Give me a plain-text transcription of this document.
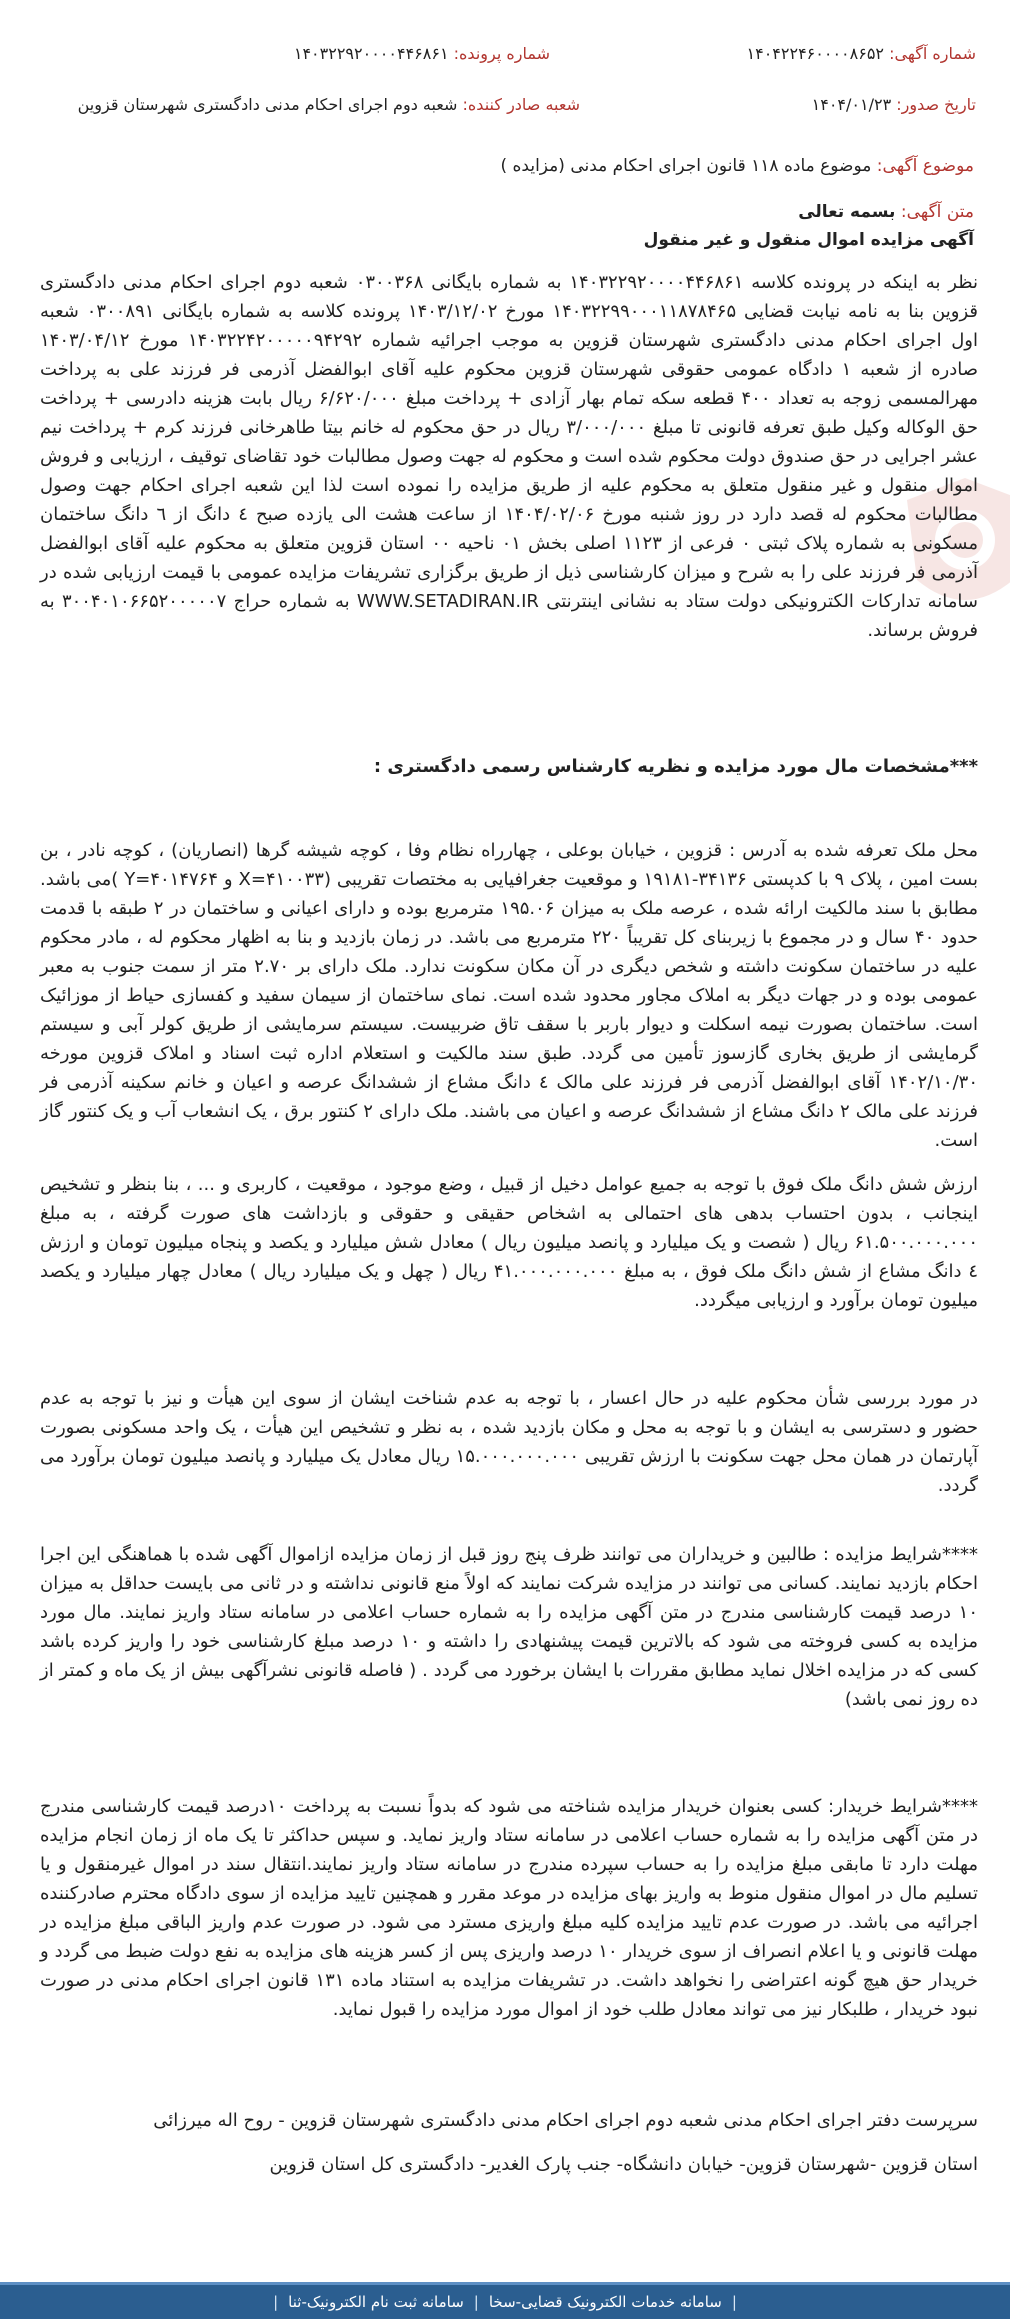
شماره آگهی: ۱۴۰۴۲۲۴۶۰۰۰۰۸۶۵۲
شماره پرونده: ۱۴۰۳۲۲۹۲۰۰۰۰۴۴۶۸۶۱
تاریخ صدور: ۱۴۰۴/۰۱/۲۳
شعبه صادر کننده: شعبه دوم اجرای احکام مدنی دادگستری شهرستان قزوین
موضوع آگهی: موضوع ماده ۱۱۸ قانون اجرای احکام مدنی (مزایده )
متن آگهی: بسمه تعالی
آگهی مزایده اموال منقول و غیر منقول

نظر به اینکه در پرونده کلاسه ۱۴۰۳۲۲۹۲۰۰۰۰۴۴۶۸۶۱ به شماره بایگانی ۰۳۰۰۳۶۸ شعبه دوم اجرای احکام مدنی دادگستری قزوین بنا به نامه نیابت قضایی ۱۴۰۳۲۲۹۹۰۰۰۱۱۸۷۸۴۶۵ مورخ ۱۴۰۳/۱۲/۰۲ پرونده کلاسه به شماره بایگانی ۰۳۰۰۸۹۱ شعبه اول اجرای احکام مدنی دادگستری شهرستان قزوین به موجب اجرائیه شماره ۱۴۰۳۲۲۴۲۰۰۰۰۰۹۴۲۹۲ مورخ ۱۴۰۳/۰۴/۱۲ صادره از شعبه ۱ دادگاه عمومی حقوقی شهرستان قزوین محکوم علیه آقای ابوالفضل آذرمی فر فرزند علی به پرداخت مهرالمسمی زوجه به تعداد ۴۰۰ قطعه سکه تمام بهار آزادی + پرداخت مبلغ ۶/۶۲۰/۰۰۰ ریال بابت هزینه دادرسی + پرداخت حق الوکاله وکیل طبق تعرفه قانونی تا مبلغ ۳/۰۰۰/۰۰۰ ریال در حق محکوم له خانم بیتا طاهرخانی فرزند کرم + پرداخت نیم عشر اجرایی در حق صندوق دولت محکوم شده است و محکوم له جهت وصول مطالبات خود تقاضای توقیف ، ارزیابی و فروش اموال منقول و غیر منقول متعلق به محکوم علیه از طریق مزایده را نموده است لذا این شعبه اجرای احکام جهت وصول مطالبات محکوم له قصد دارد در روز شنبه مورخ ۱۴۰۴/۰۲/۰۶ از ساعت هشت الی یازده صبح ٤ دانگ از ٦ دانگ ساختمان مسکونی به شماره پلاک ثبتی ۰ فرعی از ۱۱۲۳ اصلی بخش ۰۱ ناحیه ۰۰ استان قزوین متعلق به محکوم علیه آقای ابوالفضل آذرمی فر فرزند علی را به شرح و میزان کارشناسی ذیل از طریق برگزاری تشریفات مزایده عمومی با قیمت ارزیابی شده در سامانه تدارکات الکترونیکی دولت ستاد به نشانی اینترنتی WWW.SETADIRAN.IR به شماره حراج ۳۰۰۴۰۱۰۶۶۵۲۰۰۰۰۰۷ به فروش برساند.

***مشخصات مال مورد مزایده و نظریه کارشناس رسمی دادگستری :

محل ملک تعرفه شده به آدرس : قزوین ، خیابان بوعلی ، چهارراه نظام وفا ، کوچه شیشه گرها (انصاریان) ، کوچه نادر ، بن بست امین ، پلاک ۹ با کدپستی ۳۴۱۳۶-۱۹۱۸۱ و موقعیت جغرافیایی به مختصات تقریبی (X=۴۱۰۰۳۳ و Y=۴۰۱۴۷۶۴ )می باشد. مطابق با سند مالکیت ارائه شده ، عرصه ملک به میزان ۱۹۵.۰۶ مترمربع بوده و دارای اعیانی و ساختمان در ۲ طبقه با قدمت حدود ۴۰ سال و در مجموع با زیربنای کل تقریباً ۲۲۰ مترمربع می باشد. در زمان بازدید و بنا به اظهار محکوم له ، مادر محکوم علیه در ساختمان سکونت داشته و شخص دیگری در آن مکان سکونت ندارد. ملک دارای بر ۲.۷۰ متر از سمت جنوب به معبر عمومی بوده و در جهات دیگر به املاک مجاور محدود شده است. نمای ساختمان از سیمان سفید و کفسازی حیاط از موزائیک است. ساختمان بصورت نیمه اسکلت و دیوار باربر با سقف تاق ضربیست. سیستم سرمایشی از طریق کولر آبی و سیستم گرمایشی از طریق بخاری گازسوز تأمین می گردد. طبق سند مالکیت و استعلام اداره ثبت اسناد و املاک قزوین مورخه ۱۴۰۲/۱۰/۳۰ آقای ابوالفضل آذرمی فر فرزند علی مالک ٤ دانگ مشاع از ششدانگ عرصه و اعیان و خانم سکینه آذرمی فر فرزند علی مالک ۲ دانگ مشاع از ششدانگ عرصه و اعیان می باشند. ملک دارای ۲ کنتور برق ، یک انشعاب آب و یک کنتور گاز است.

ارزش شش دانگ ملک فوق با توجه به جمیع عوامل دخیل از قبیل ، وضع موجود ، موقعیت ، کاربری و ... ، بنا بنظر و تشخیص اینجانب ، بدون احتساب بدهی های احتمالی به اشخاص حقیقی و حقوقی و بازداشت های صورت گرفته ، به مبلغ ۶۱.۵۰۰.۰۰۰.۰۰۰ ریال ( شصت و یک میلیارد و پانصد میلیون ریال ) معادل شش میلیارد و یکصد و پنجاه میلیون تومان و ارزش ٤ دانگ مشاع از شش دانگ ملک فوق ، به مبلغ ۴۱.۰۰۰.۰۰۰.۰۰۰ ریال ( چهل و یک میلیارد ریال ) معادل چهار میلیارد و یکصد میلیون تومان برآورد و ارزیابی میگردد.

در مورد بررسی شأن محکوم علیه در حال اعسار ، با توجه به عدم شناخت ایشان از سوی این هیأت و نیز با توجه به عدم حضور و دسترسی به ایشان و با توجه به محل و مکان بازدید شده ، به نظر و تشخیص این هیأت ، یک واحد مسکونی بصورت آپارتمان در همان محل جهت سکونت با ارزش تقریبی ۱۵.۰۰۰.۰۰۰.۰۰۰ ریال معادل یک میلیارد و پانصد میلیون تومان برآورد می گردد.

****شرایط مزایده : طالبین و خریداران می توانند ظرف پنج روز قبل از زمان مزایده ازاموال آگهی شده با هماهنگی این اجرا احکام بازدید نمایند. کسانی می توانند در مزایده شرکت نمایند که اولاً منع قانونی نداشته و در ثانی می بایست حداقل به میزان ۱۰ درصد قیمت کارشناسی مندرج در متن آگهی مزایده را به شماره حساب اعلامی در سامانه ستاد واریز نمایند. مال مورد مزایده به کسی فروخته می شود که بالاترین قیمت پیشنهادی را داشته و ۱۰ درصد مبلغ کارشناسی خود را واریز کرده باشد کسی که در مزایده اخلال نماید مطابق مقررات با ایشان برخورد می گردد . ( فاصله قانونی نشرآگهی بیش از یک ماه و کمتر از ده روز نمی باشد)

****شرایط خریدار: کسی بعنوان خریدار مزایده شناخته می شود که بدواً نسبت به پرداخت ۱۰درصد قیمت کارشناسی مندرج در متن آگهی مزایده را به شماره حساب اعلامی در سامانه ستاد واریز نماید. و سپس حداکثر تا یک ماه از زمان انجام مزایده مهلت دارد تا مابقی مبلغ مزایده را به حساب سپرده مندرج در سامانه ستاد واریز نمایند.انتقال سند در اموال غیرمنقول و یا تسلیم مال در اموال منقول منوط به واریز بهای مزایده در موعد مقرر و همچنین تایید مزایده از سوی دادگاه محترم صادرکننده اجرائیه می باشد. در صورت عدم تایید مزایده کلیه مبلغ واریزی مسترد می شود. در صورت عدم واریز الباقی مبلغ مزایده در مهلت قانونی و یا اعلام انصراف از سوی خریدار ۱۰ درصد واریزی پس از کسر هزینه های مزایده به نفع دولت ضبط می گردد و خریدار حق هیچ گونه اعتراضی را نخواهد داشت. در تشریفات مزایده به استناد ماده ۱۳۱ قانون اجرای احکام مدنی در صورت نبود خریدار ، طلبکار نیز می تواند معادل طلب خود از اموال مورد مزایده را قبول نماید.

سرپرست دفتر اجرای احکام مدنی شعبه دوم اجرای احکام مدنی دادگستری شهرستان قزوین - روح اله میرزائی

استان قزوین -شهرستان قزوین- خیابان دانشگاه- جنب پارک الغدیر- دادگستری کل استان قزوین

|
سامانه خدمات الکترونیک قضایی-سخا
|
سامانه ثبت نام الکترونیک-ثنا
|
